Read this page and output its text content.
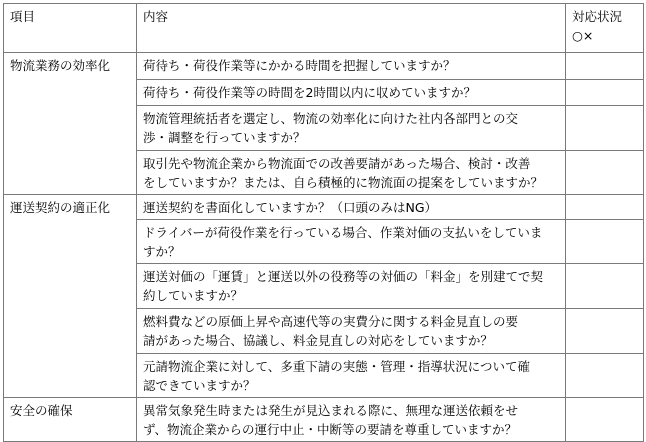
項目	内容	対応状況
○×
物流業務の効率化	荷待ち・荷役作業等にかかる時間を把握していますか？	
	荷待ち・荷役作業等の時間を2時間以内に収めていますか？	
	物流管理統括者を選定し、物流の効率化に向けた社内各部門との交
渉・調整を行っていますか？	
	取引先や物流企業から物流面での改善要請があった場合、検討・改善
をしていますか？または、自ら積極的に物流面の提案をしていますか？	
運送契約の適正化	運送契約を書面化していますか？（口頭のみはNG）	
	ドライバーが荷役作業を行っている場合、作業対価の支払いをしていま
すか？	
	運送対価の「運賃」と運送以外の役務等の対価の「料金」を別建てで契
約していますか？	
	燃料費などの原価上昇や高速代等の実費分に関する料金見直しの要
請があった場合、協議し、料金見直しの対応をしていますか？	
	元請物流企業に対して、多重下請の実態・管理・指導状況について確
認できていますか？	
安全の確保	異常気象発生時または発生が見込まれる際に、無理な運送依頼をせ
ず、物流企業からの運行中止・中断等の要請を尊重していますか？	
